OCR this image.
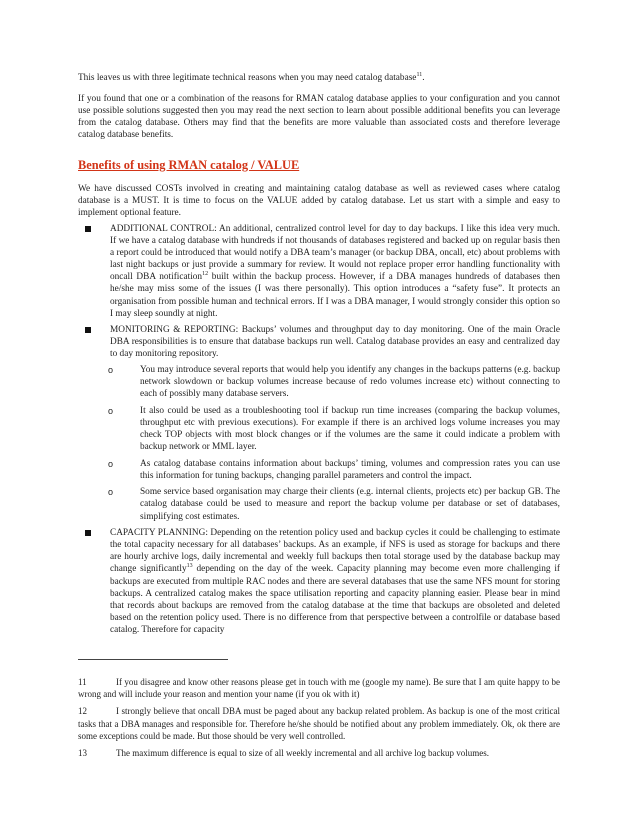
This leaves us with three legitimate technical reasons when you may need catalog database$^{11}$.

If you found that one or a combination of the reasons for RMAN catalog database applies to your configuration and you cannot use possible solutions suggested then you may read the next section to learn about possible additional benefits you can leverage from the catalog database. Others may find that the benefits are more valuable than associated costs and therefore leverage catalog database benefits.

Benefits of using RMAN catalog / VALUE

We have discussed COSTs involved in creating and maintaining catalog database as well as reviewed cases where catalog database is a MUST. It is time to focus on the VALUE added by catalog database. Let us start with a simple and easy to implement optional feature.

ADDITIONAL CONTROL: An additional, centralized control level for day to day backups. I like this idea very much. If we have a catalog database with hundreds if not thousands of databases registered and backed up on regular basis then a report could be introduced that would notify a DBA team’s manager (or backup DBA, oncall, etc) about problems with last night backups or just provide a summary for review. It would not replace proper error handling functionality with oncall DBA notification$^{12}$ built within the backup process. However, if a DBA manages hundreds of databases then he/she may miss some of the issues (I was there personally). This option introduces a “safety fuse”. It protects an organisation from possible human and technical errors. If I was a DBA manager, I would strongly consider this option so I may sleep soundly at night.

MONITORING & REPORTING: Backups’ volumes and throughput day to day monitoring. One of the main Oracle DBA responsibilities is to ensure that database backups run well. Catalog database provides an easy and centralized day to day monitoring repository.

o	You may introduce several reports that would help you identify any changes in the backups patterns (e.g. backup network slowdown or backup volumes increase because of redo volumes increase etc) without connecting to each of possibly many database servers.

o	It also could be used as a troubleshooting tool if backup run time increases (comparing the backup volumes, throughput etc with previous executions). For example if there is an archived logs volume increases you may check TOP objects with most block changes or if the volumes are the same it could indicate a problem with backup network or MML layer.

o	As catalog database contains information about backups’ timing, volumes and compression rates you can use this information for tuning backups, changing parallel parameters and control the impact.

o	Some service based organisation may charge their clients (e.g. internal clients, projects etc) per backup GB. The catalog database could be used to measure and report the backup volume per database or set of databases, simplifying cost estimates.

CAPACITY PLANNING: Depending on the retention policy used and backup cycles it could be challenging to estimate the total capacity necessary for all databases’ backups. As an example, if NFS is used as storage for backups and there are hourly archive logs, daily incremental and weekly full backups then total storage used by the database backup may change significantly$^{13}$ depending on the day of the week. Capacity planning may become even more challenging if backups are executed from multiple RAC nodes and there are several databases that use the same NFS mount for storing backups. A centralized catalog makes the space utilisation reporting and capacity planning easier. Please bear in mind that records about backups are removed from the catalog database at the time that backups are obsoleted and deleted based on the retention policy used. There is no difference from that perspective between a controlfile or database based catalog. Therefore for capacity

11	If you disagree and know other reasons please get in touch with me (google my name). Be sure that I am quite happy to be wrong and will include your reason and mention your name (if you ok with it)

12	I strongly believe that oncall DBA must be paged about any backup related problem. As backup is one of the most critical tasks that a DBA manages and responsible for. Therefore he/she should be notified about any problem immediately. Ok, ok there are some exceptions could be made. But those should be very well controlled.

13	The maximum difference is equal to size of all weekly incremental and all archive log backup volumes.
